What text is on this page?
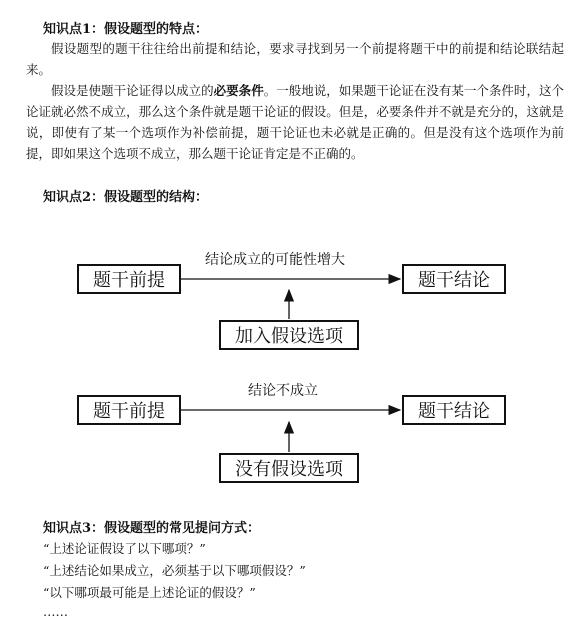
知识点1：假设题型的特点：

假设题型的题干往往给出前提和结论，要求寻找到另一个前提将题干中的前提和结论联结起来。

假设是使题干论证得以成立的必要条件。一般地说，如果题干论证在没有某一个条件时，这个论证就必然不成立，那么这个条件就是题干论证的假设。但是，必要条件并不就是充分的，这就是说，即使有了某一个选项作为补偿前提，题干论证也未必就是正确的。但是没有这个选项作为前提，即如果这个选项不成立，那么题干论证肯定是不正确的。

知识点2：假设题型的结构：
结论成立的可能性增大
题干前提	题干结论
加入假设选项
结论不成立
题干前提	题干结论
没有假设选项
知识点3：假设题型的常见提问方式：
“上述论证假设了以下哪项？”
“上述结论如果成立，必须基于以下哪项假设？”
“以下哪项最可能是上述论证的假设？”
……
